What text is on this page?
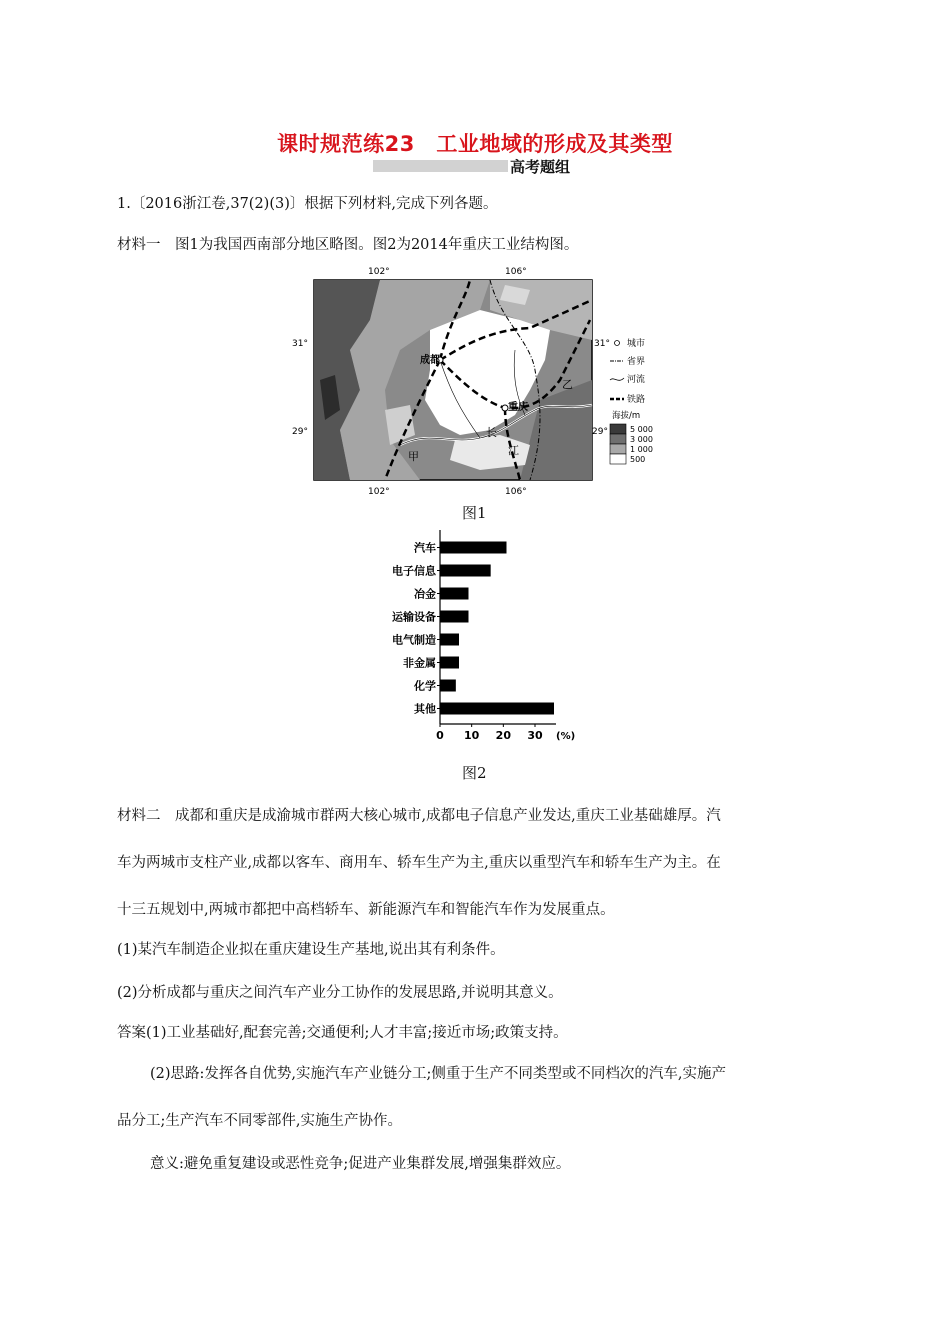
课时规范练23　工业地域的形成及其类型
高考题组
1.〔2016浙江卷,37(2)(3)〕根据下列材料,完成下列各题。
材料一　图1为我国西南部分地区略图。图2为2014年重庆工业结构图。
成都
重庆
甲
乙
长
江
102°	106°
102°	106°
31°
29°
31°
29°
城市
省界
河流
铁路
海拔/m
5 000
3 000
1 000
500
图1
汽车
电子信息
冶金
运输设备
电气制造
非金属
化学
其他
0 10 20 30 (%)
图2
材料二　成都和重庆是成渝城市群两大核心城市,成都电子信息产业发达,重庆工业基础雄厚。汽
车为两城市支柱产业,成都以客车、商用车、轿车生产为主,重庆以重型汽车和轿车生产为主。在
十三五规划中,两城市都把中高档轿车、新能源汽车和智能汽车作为发展重点。
(1)某汽车制造企业拟在重庆建设生产基地,说出其有利条件。
(2)分析成都与重庆之间汽车产业分工协作的发展思路,并说明其意义。
答案(1)工业基础好,配套完善;交通便利;人才丰富;接近市场;政策支持。
(2)思路:发挥各自优势,实施汽车产业链分工;侧重于生产不同类型或不同档次的汽车,实施产
品分工;生产汽车不同零部件,实施生产协作。
意义:避免重复建设或恶性竞争;促进产业集群发展,增强集群效应。
